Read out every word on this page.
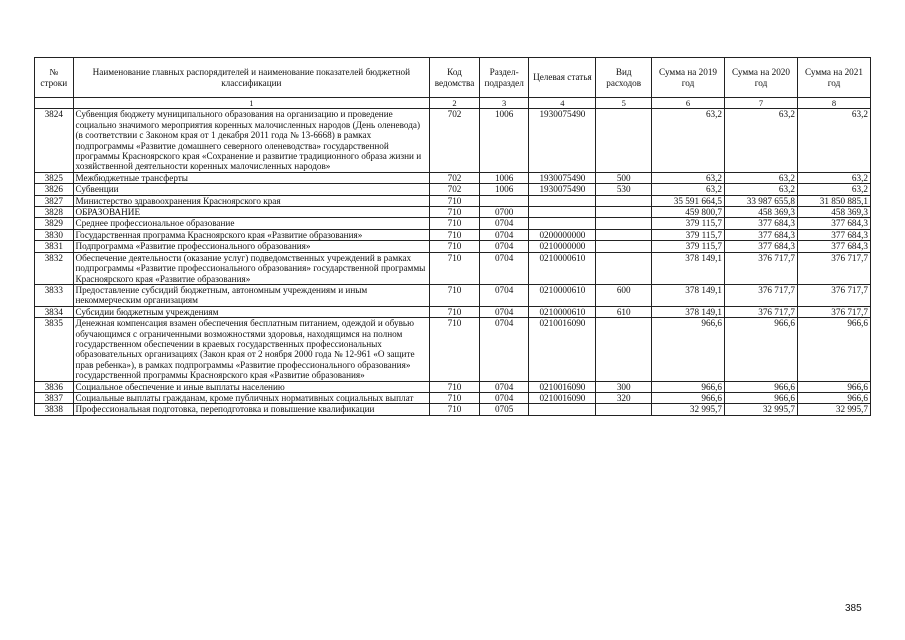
№ строки	Наименование главных распорядителей и наименование показателей бюджетной классификации	Код ведомства	Раздел-подраздел	Целевая статья	Вид расходов	Сумма на 2019 год	Сумма на 2020 год	Сумма на 2021 год
	1	2	3	4	5	6	7	8
3824	Субвенция бюджету муниципального образования на организацию и проведение социально значимого мероприятия коренных малочисленных народов (День оленевода) (в соответствии с Законом края от 1 декабря 2011 года № 13-6668) в рамках подпрограммы «Развитие домашнего северного оленеводства» государственной программы Красноярского края «Сохранение и развитие традиционного образа жизни и хозяйственной деятельности коренных малочисленных народов»	702	1006	1930075490		63,2	63,2	63,2
3825	Межбюджетные трансферты	702	1006	1930075490	500	63,2	63,2	63,2
3826	Субвенции	702	1006	1930075490	530	63,2	63,2	63,2
3827	Министерство здравоохранения Красноярского края	710				35 591 664,5	33 987 655,8	31 850 885,1
3828	ОБРАЗОВАНИЕ	710	0700			459 800,7	458 369,3	458 369,3
3829	Среднее профессиональное образование	710	0704			379 115,7	377 684,3	377 684,3
3830	Государственная программа Красноярского края «Развитие образования»	710	0704	0200000000		379 115,7	377 684,3	377 684,3
3831	Подпрограмма «Развитие профессионального образования»	710	0704	0210000000		379 115,7	377 684,3	377 684,3
3832	Обеспечение деятельности (оказание услуг) подведомственных учреждений в рамках подпрограммы «Развитие профессионального образования» государственной программы Красноярского края «Развитие образования»	710	0704	0210000610		378 149,1	376 717,7	376 717,7
3833	Предоставление субсидий бюджетным, автономным учреждениям и иным некоммерческим организациям	710	0704	0210000610	600	378 149,1	376 717,7	376 717,7
3834	Субсидии бюджетным учреждениям	710	0704	0210000610	610	378 149,1	376 717,7	376 717,7
3835	Денежная компенсация взамен обеспечения бесплатным питанием, одеждой и обувью обучающимся с ограниченными возможностями здоровья, находящимся на полном государственном обеспечении в краевых государственных профессиональных образовательных организациях (Закон края от 2 ноября 2000 года № 12-961 «О защите прав ребенка»), в рамках подпрограммы «Развитие профессионального образования» государственной программы Красноярского края «Развитие образования»	710	0704	0210016090		966,6	966,6	966,6
3836	Социальное обеспечение и иные выплаты населению	710	0704	0210016090	300	966,6	966,6	966,6
3837	Социальные выплаты гражданам, кроме публичных нормативных социальных выплат	710	0704	0210016090	320	966,6	966,6	966,6
3838	Профессиональная подготовка, переподготовка и повышение квалификации	710	0705			32 995,7	32 995,7	32 995,7
385
